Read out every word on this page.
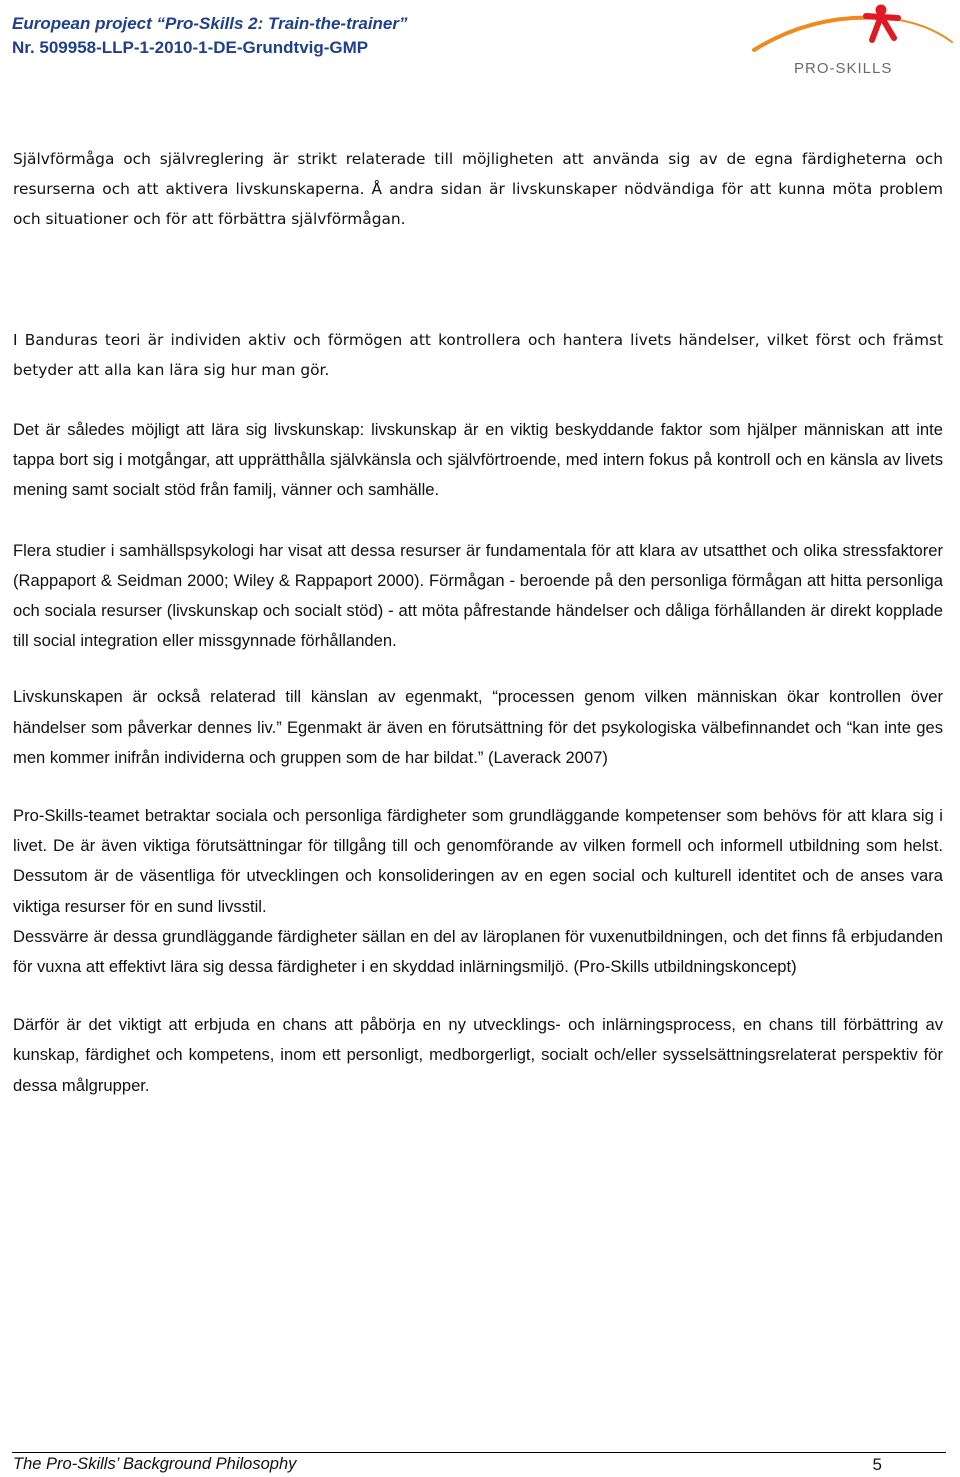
European project “Pro-Skills 2: Train-the-trainer”
Nr. 509958-LLP-1-2010-1-DE-Grundtvig-GMP
PRO-SKILLS

Självförmåga och självreglering är strikt relaterade till möjligheten att använda sig av de egna färdigheterna och resurserna och att aktivera livskunskaperna. Å andra sidan är livskunskaper nödvändiga för att kunna möta problem och situationer och för att förbättra självförmågan.

I Banduras teori är individen aktiv och förmögen att kontrollera och hantera livets händelser, vilket först och främst betyder att alla kan lära sig hur man gör.

Det är således möjligt att lära sig livskunskap: livskunskap är en viktig beskyddande faktor som hjälper människan att inte tappa bort sig i motgångar, att upprätthålla självkänsla och självförtroende, med intern fokus på kontroll och en känsla av livets mening samt socialt stöd från familj, vänner och samhälle.

Flera studier i samhällspsykologi har visat att dessa resurser är fundamentala för att klara av utsatthet och olika stressfaktorer (Rappaport & Seidman 2000; Wiley & Rappaport 2000). Förmågan - beroende på den personliga förmågan att hitta personliga och sociala resurser (livskunskap och socialt stöd) - att möta påfrestande händelser och dåliga förhållanden är direkt kopplade till social integration eller missgynnade förhållanden.

Livskunskapen är också relaterad till känslan av egenmakt, “processen genom vilken människan ökar kontrollen över händelser som påverkar dennes liv.” Egenmakt är även en förutsättning för det psykologiska välbefinnandet och “kan inte ges men kommer inifrån individerna och gruppen som de har bildat.” (Laverack 2007)

Pro-Skills-teamet betraktar sociala och personliga färdigheter som grundläggande kompetenser som behövs för att klara sig i livet. De är även viktiga förutsättningar för tillgång till och genomförande av vilken formell och informell utbildning som helst. Dessutom är de väsentliga för utvecklingen och konsolideringen av en egen social och kulturell identitet och de anses vara viktiga resurser för en sund livsstil.

Dessvärre är dessa grundläggande färdigheter sällan en del av läroplanen för vuxenutbildningen, och det finns få erbjudanden för vuxna att effektivt lära sig dessa färdigheter i en skyddad inlärningsmiljö. (Pro-Skills utbildningskoncept)

Därför är det viktigt att erbjuda en chans att påbörja en ny utvecklings- och inlärningsprocess, en chans till förbättring av kunskap, färdighet och kompetens, inom ett personligt, medborgerligt, socialt och/eller sysselsättningsrelaterat perspektiv för dessa målgrupper.

The Pro-Skills’ Background Philosophy	5
